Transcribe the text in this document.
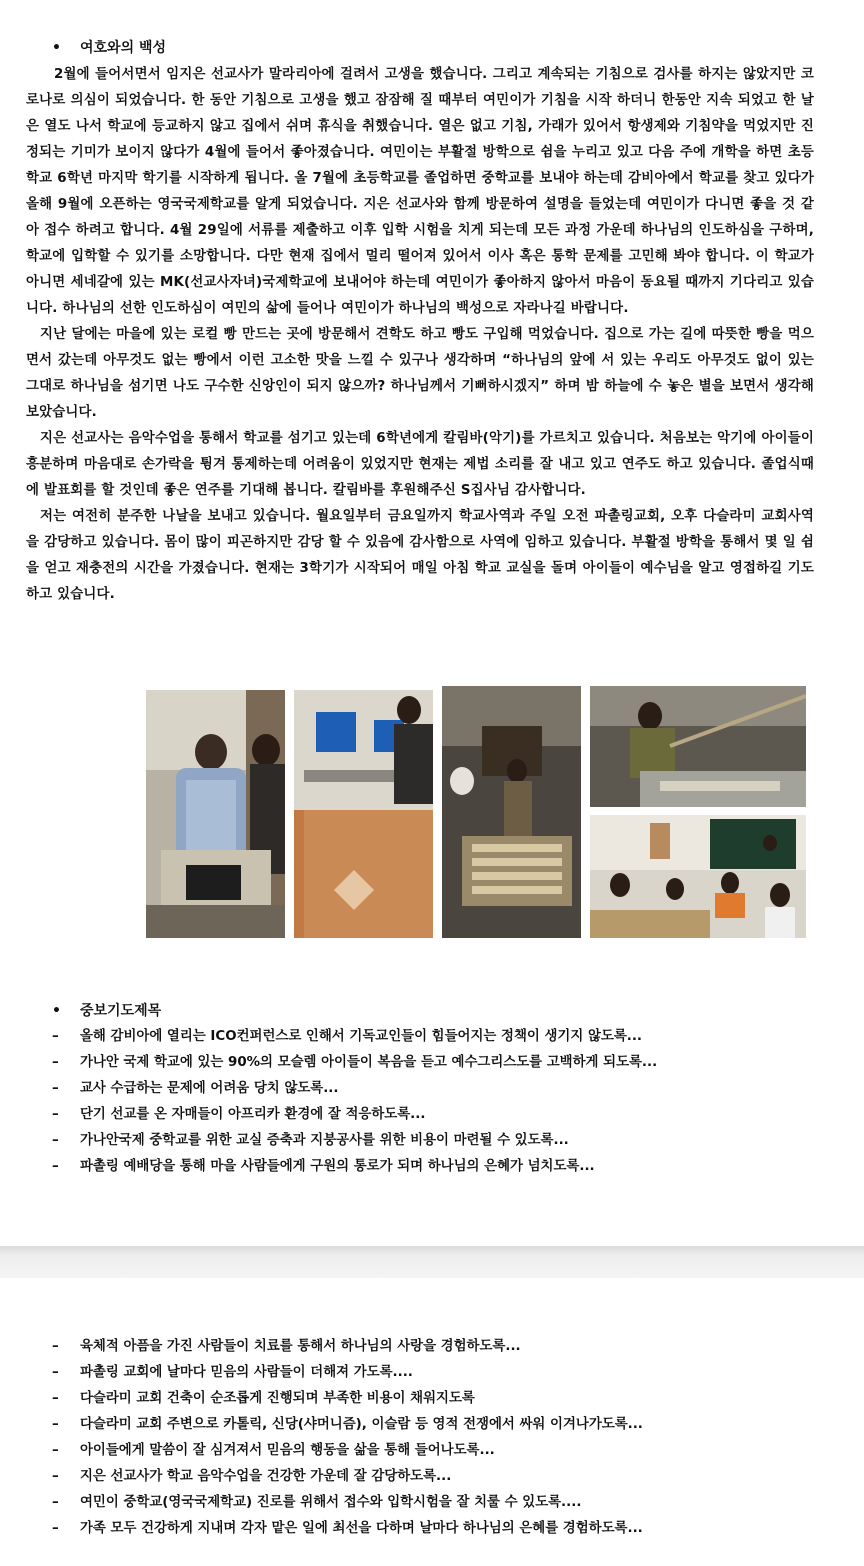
• 여호와의 백성

2월에 들어서면서 임지은 선교사가 말라리아에 걸려서 고생을 했습니다. 그리고 계속되는 기침으로 검사를 하지는 않았지만 코로나로 의심이 되었습니다. 한 동안 기침으로 고생을 했고 잠잠해 질 때부터 여민이가 기침을 시작 하더니 한동안 지속 되었고 한 날은 열도 나서 학교에 등교하지 않고 집에서 쉬며 휴식을 취했습니다. 열은 없고 기침, 가래가 있어서 항생제와 기침약을 먹었지만 진정되는 기미가 보이지 않다가 4월에 들어서 좋아졌습니다. 여민이는 부활절 방학으로 쉼을 누리고 있고 다음 주에 개학을 하면 초등학교 6학년 마지막 학기를 시작하게 됩니다. 올 7월에 초등학교를 졸업하면 중학교를 보내야 하는데 감비아에서 학교를 찾고 있다가 올해 9월에 오픈하는 영국국제학교를 알게 되었습니다. 지은 선교사와 함께 방문하여 설명을 들었는데 여민이가 다니면 좋을 것 같아 접수 하려고 합니다. 4월 29일에 서류를 제출하고 이후 입학 시험을 치게 되는데 모든 과정 가운데 하나님의 인도하심을 구하며, 학교에 입학할 수 있기를 소망합니다. 다만 현재 집에서 멀리 떨어져 있어서 이사 혹은 통학 문제를 고민해 봐야 합니다. 이 학교가 아니면 세네갈에 있는 MK(선교사자녀)국제학교에 보내어야 하는데 여민이가 좋아하지 않아서 마음이 동요될 때까지 기다리고 있습니다. 하나님의 선한 인도하심이 여민의 삶에 들어나 여민이가 하나님의 백성으로 자라나길 바랍니다.

지난 달에는 마을에 있는 로컬 빵 만드는 곳에 방문해서 견학도 하고 빵도 구입해 먹었습니다. 집으로 가는 길에 따뜻한 빵을 먹으면서 갔는데 아무것도 없는 빵에서 이런 고소한 맛을 느낄 수 있구나 생각하며 “하나님의 앞에 서 있는 우리도 아무것도 없이 있는 그대로 하나님을 섬기면 나도 구수한 신앙인이 되지 않으까? 하나님께서 기뻐하시겠지” 하며 밤 하늘에 수 놓은 별을 보면서 생각해 보았습니다.

지은 선교사는 음악수업을 통해서 학교를 섬기고 있는데 6학년에게 칼림바(악기)를 가르치고 있습니다. 처음보는 악기에 아이들이 흥분하며 마음대로 손가락을 튕겨 통제하는데 어려움이 있었지만 현재는 제법 소리를 잘 내고 있고 연주도 하고 있습니다. 졸업식때에 발표회를 할 것인데 좋은 연주를 기대해 봅니다. 칼림바를 후원해주신 S집사님 감사합니다.

저는 여전히 분주한 나날을 보내고 있습니다. 월요일부터 금요일까지 학교사역과 주일 오전 파촐링교회, 오후 다슬라미 교회사역을 감당하고 있습니다. 몸이 많이 피곤하지만 감당 할 수 있음에 감사함으로 사역에 임하고 있습니다. 부활절 방학을 통해서 몇 일 쉼을 얻고 재충전의 시간을 가졌습니다. 현재는 3학기가 시작되어 매일 아침 학교 교실을 돌며 아이들이 예수님을 알고 영접하길 기도하고 있습니다.

• 중보기도제목
– 올해 감비아에 열리는 ICO컨퍼런스로 인해서 기독교인들이 힘들어지는 정책이 생기지 않도록...
– 가나안 국제 학교에 있는 90%의 모슬렘 아이들이 복음을 듣고 예수그리스도를 고백하게 되도록...
– 교사 수급하는 문제에 어려움 당치 않도록...
– 단기 선교를 온 자매들이 아프리카 환경에 잘 적응하도록...
– 가나안국제 중학교를 위한 교실 증축과 지붕공사를 위한 비용이 마련될 수 있도록...
– 파촐링 예배당을 통해 마을 사람들에게 구원의 통로가 되며 하나님의 은혜가 넘치도록...
– 육체적 아픔을 가진 사람들이 치료를 통해서 하나님의 사랑을 경험하도록...
– 파촐링 교회에 날마다 믿음의 사람들이 더해져 가도록....
– 다슬라미 교회 건축이 순조롭게 진행되며 부족한 비용이 채워지도록
– 다슬라미 교회 주변으로 카톨릭, 신당(샤머니즘), 이슬람 등 영적 전쟁에서 싸워 이겨나가도록...
– 아이들에게 말씀이 잘 심겨져서 믿음의 행동을 삶을 통해 들어나도록...
– 지은 선교사가 학교 음악수업을 건강한 가운데 잘 감당하도록...
– 여민이 중학교(영국국제학교) 진로를 위해서 접수와 입학시험을 잘 치룰 수 있도록....
– 가족 모두 건강하게 지내며 각자 맡은 일에 최선을 다하며 날마다 하나님의 은혜를 경험하도록...
